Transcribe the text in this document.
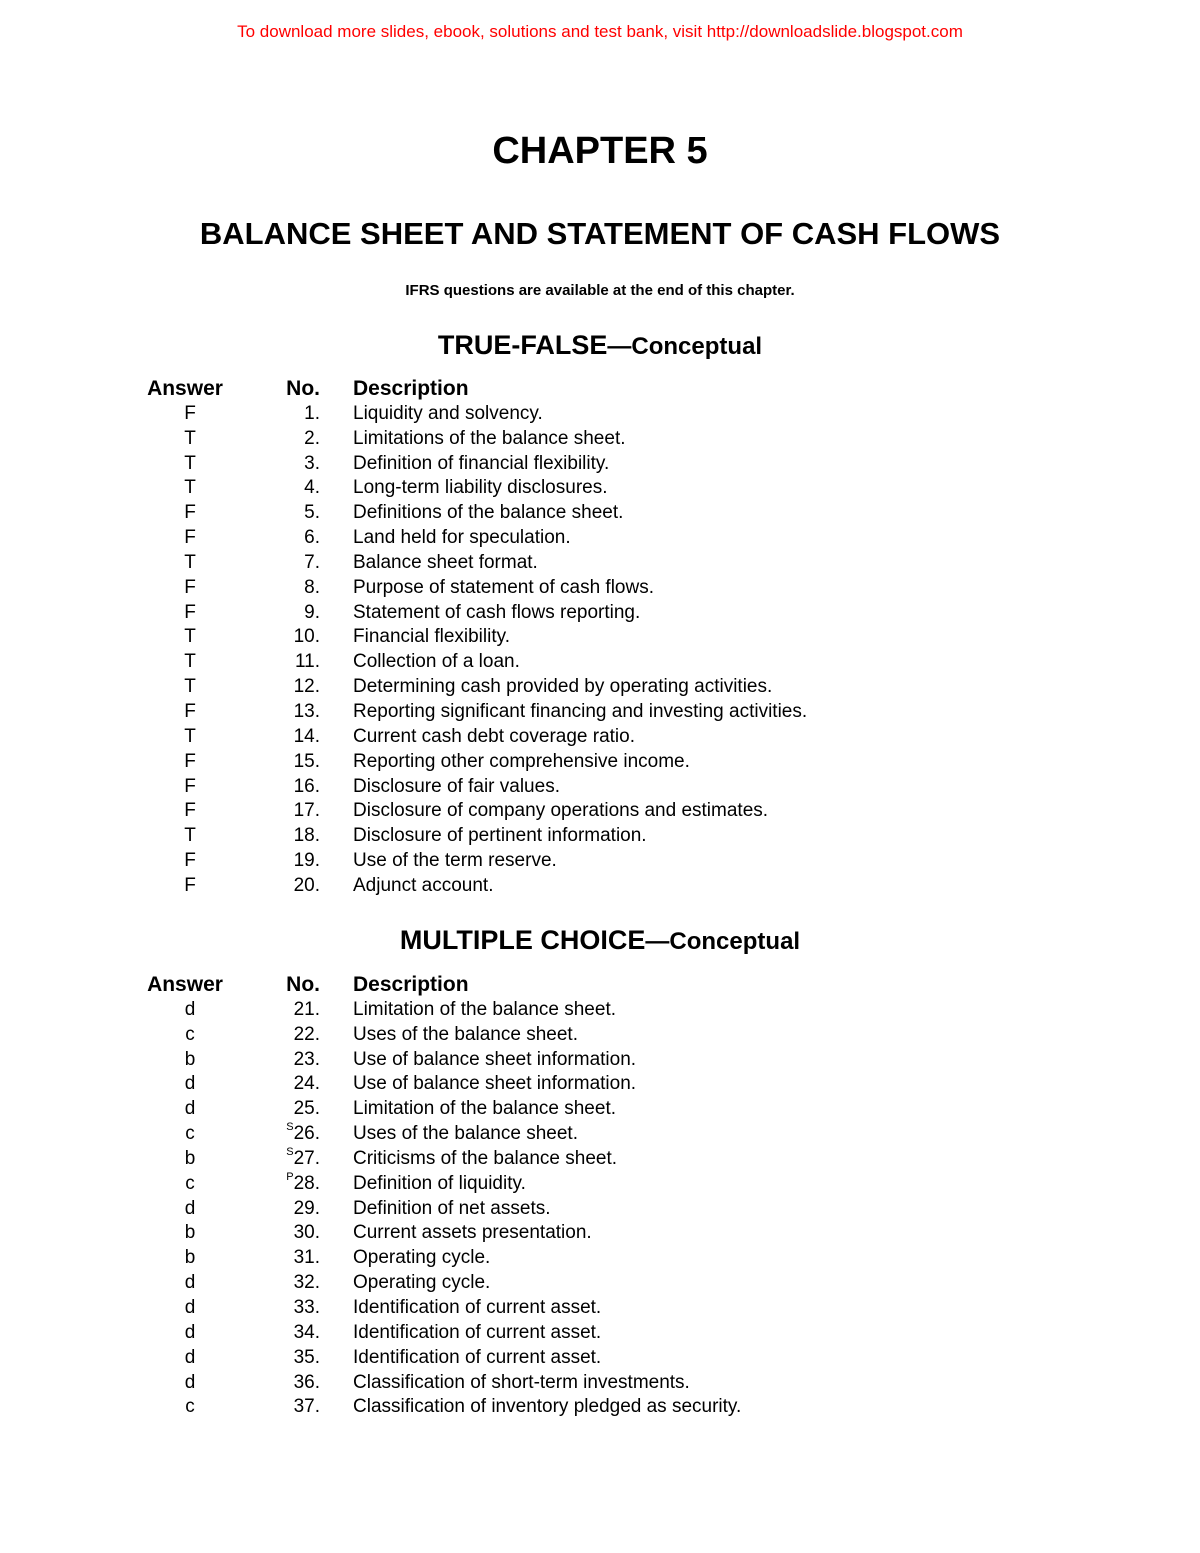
To download more slides, ebook, solutions and test bank, visit http://downloadslide.blogspot.com
CHAPTER 5
BALANCE SHEET AND STATEMENT OF CASH FLOWS
IFRS questions are available at the end of this chapter.
TRUE-FALSE—Conceptual
Answer	No. Description
F	1. Liquidity and solvency.
T	2. Limitations of the balance sheet.
T	3. Definition of financial flexibility.
T	4. Long-term liability disclosures.
F	5. Definitions of the balance sheet.
F	6. Land held for speculation.
T	7. Balance sheet format.
F	8. Purpose of statement of cash flows.
F	9. Statement of cash flows reporting.
T	10. Financial flexibility.
T	11. Collection of a loan.
T	12. Determining cash provided by operating activities.
F	13. Reporting significant financing and investing activities.
T	14. Current cash debt coverage ratio.
F	15. Reporting other comprehensive income.
F	16. Disclosure of fair values.
F	17. Disclosure of company operations and estimates.
T	18. Disclosure of pertinent information.
F	19. Use of the term reserve.
F	20. Adjunct account.
MULTIPLE CHOICE—Conceptual
Answer	No. Description
d	21. Limitation of the balance sheet.
c	22. Uses of the balance sheet.
b	23. Use of balance sheet information.
d	24. Use of balance sheet information.
d	25. Limitation of the balance sheet.
c	$^S$26. Uses of the balance sheet.
b	$^S$27. Criticisms of the balance sheet.
c	$^P$28. Definition of liquidity.
d	29. Definition of net assets.
b	30. Current assets presentation.
b	31. Operating cycle.
d	32. Operating cycle.
d	33. Identification of current asset.
d	34. Identification of current asset.
d	35. Identification of current asset.
d	36. Classification of short-term investments.
c	37. Classification of inventory pledged as security.
